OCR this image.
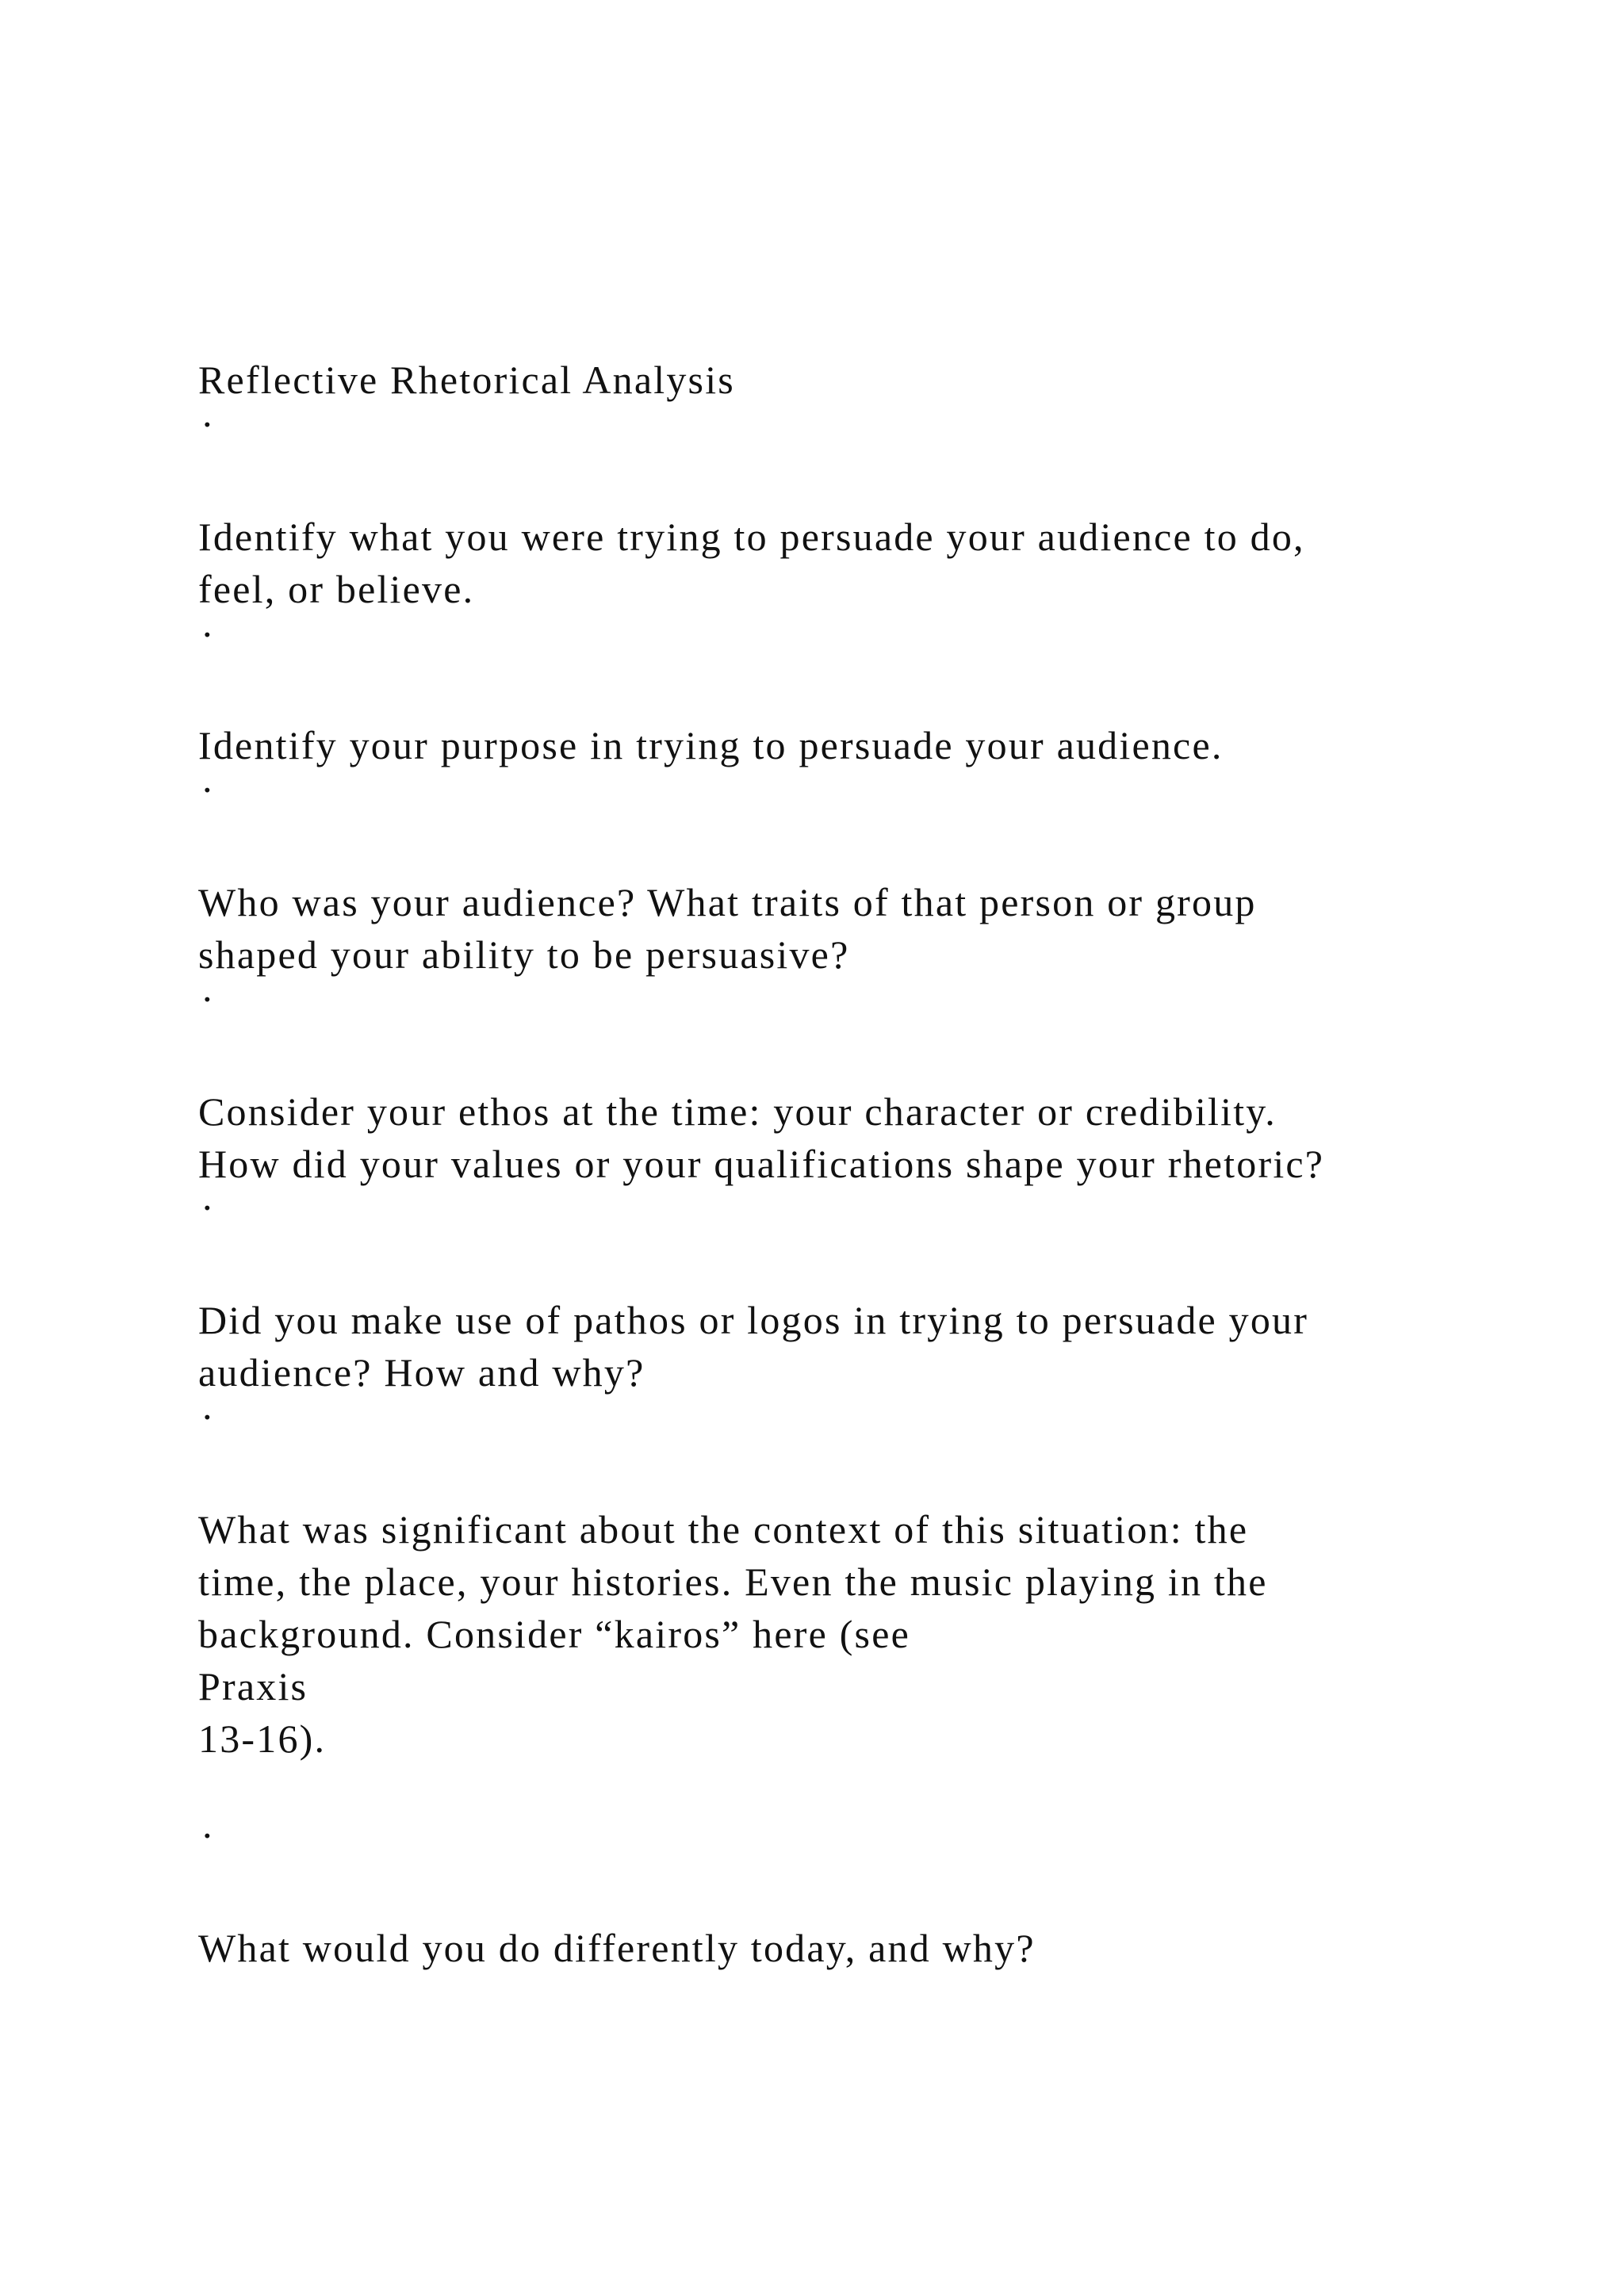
Reflective Rhetorical Analysis
·
Identify what you were trying to persuade your audience to do,
feel, or believe.
·
Identify your purpose in trying to persuade your audience.
·
Who was your audience? What traits of that person or group
shaped your ability to be persuasive?
·
Consider your ethos at the time: your character or credibility.
How did your values or your qualifications shape your rhetoric?
·
Did you make use of pathos or logos in trying to persuade your
audience? How and why?
·
What was significant about the context of this situation: the
time, the place, your histories. Even the music playing in the
background. Consider “kairos” here (see
Praxis
13-16).
·
What would you do differently today, and why?
